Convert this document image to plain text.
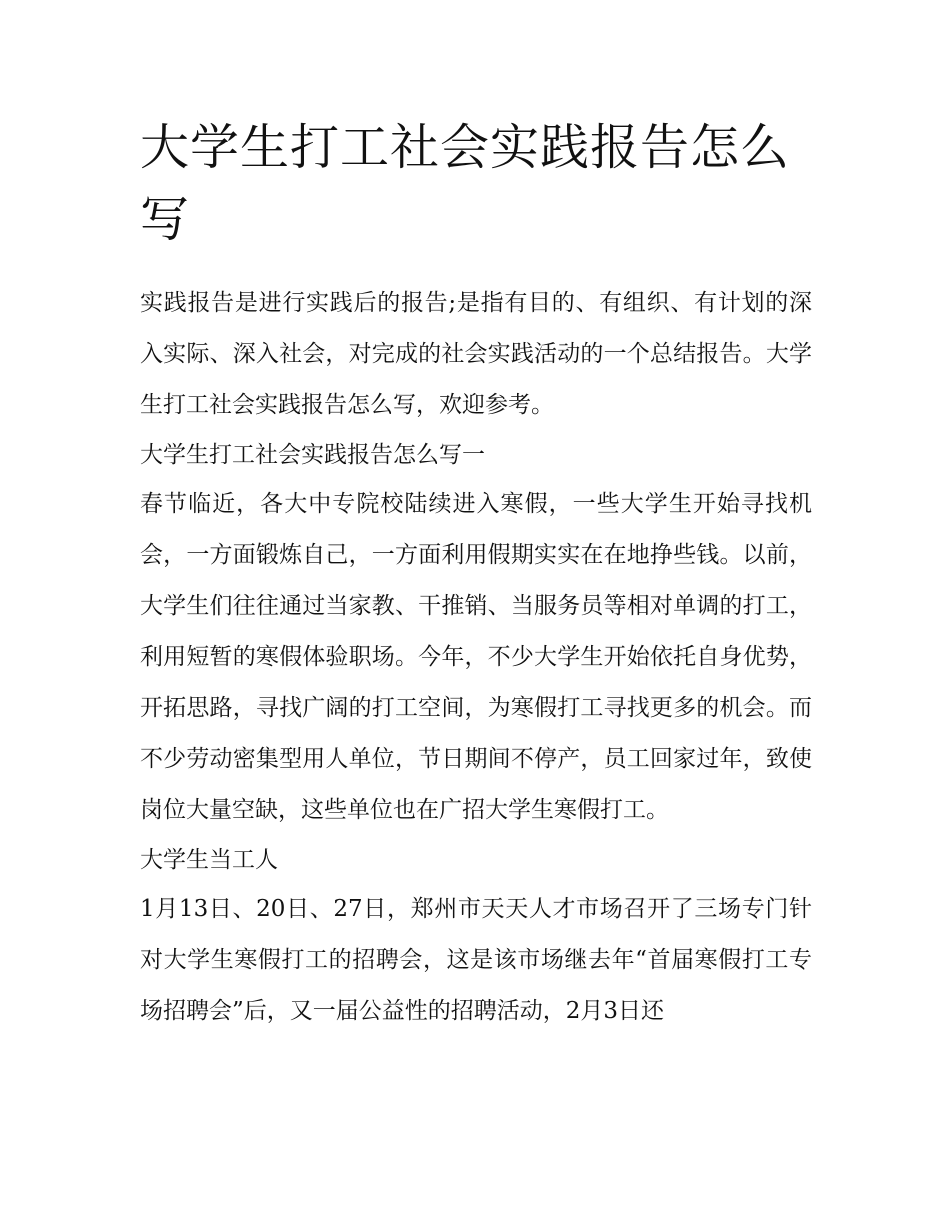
大学生打工社会实践报告怎么写

实践报告是进行实践后的报告;是指有目的、有组织、有计划的深入实际、深入社会，对完成的社会实践活动的一个总结报告。大学生打工社会实践报告怎么写，欢迎参考。

大学生打工社会实践报告怎么写一

春节临近，各大中专院校陆续进入寒假，一些大学生开始寻找机会，一方面锻炼自己，一方面利用假期实实在在地挣些钱。以前，大学生们往往通过当家教、干推销、当服务员等相对单调的打工，利用短暂的寒假体验职场。今年，不少大学生开始依托自身优势，开拓思路，寻找广阔的打工空间，为寒假打工寻找更多的机会。而不少劳动密集型用人单位，节日期间不停产，员工回家过年，致使岗位大量空缺，这些单位也在广招大学生寒假打工。

大学生当工人

1月13日、20日、27日，郑州市天天人才市场召开了三场专门针对大学生寒假打工的招聘会，这是该市场继去年“首届寒假打工专场招聘会”后，又一届公益性的招聘活动，2月3日还
